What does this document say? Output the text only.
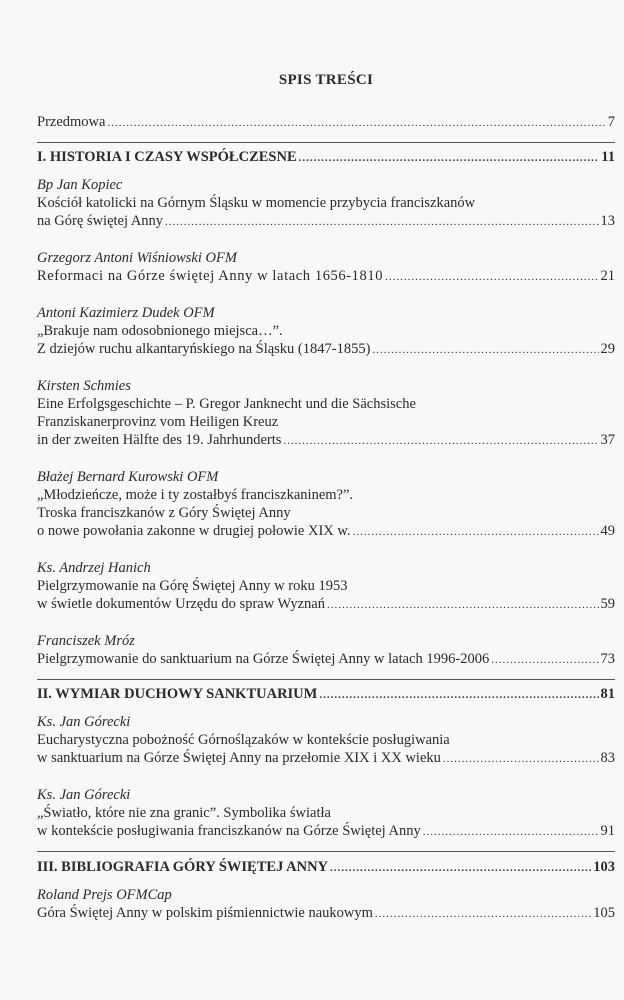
SPIS TREŚCI
Przedmowa .....	7
I. HISTORIA I CZASY WSPÓŁCZESNE .....	11
Bp Jan Kopiec
Kościół katolicki na Górnym Śląsku w momencie przybycia franciszkanów
na Górę świętej Anny .....	13
Grzegorz Antoni Wiśniowski OFM
Reformaci na Górze świętej Anny w latach 1656-1810 .....	21
Antoni Kazimierz Dudek OFM
„Brakuje nam odosobnionego miejsca…”.
Z dziejów ruchu alkantaryńskiego na Śląsku (1847-1855) .....	29
Kirsten Schmies
Eine Erfolgsgeschichte – P. Gregor Janknecht und die Sächsische
Franziskanerprovinz vom Heiligen Kreuz
in der zweiten Hälfte des 19. Jahrhunderts .....	37
Błażej Bernard Kurowski OFM
„Młodzieńcze, może i ty zostałbyś franciszkaninem?”.
Troska franciszkanów z Góry Świętej Anny
o nowe powołania zakonne w drugiej połowie XIX w. .....	49
Ks. Andrzej Hanich
Pielgrzymowanie na Górę Świętej Anny w roku 1953
w świetle dokumentów Urzędu do spraw Wyznań .....	59
Franciszek Mróz
Pielgrzymowanie do sanktuarium na Górze Świętej Anny w latach 1996-2006 .....	73
II. WYMIAR DUCHOWY SANKTUARIUM .....	81
Ks. Jan Górecki
Eucharystyczna pobożność Górnoślązaków w kontekście posługiwania
w sanktuarium na Górze Świętej Anny na przełomie XIX i XX wieku .....	83
Ks. Jan Górecki
„Światło, które nie zna granic”. Symbolika światła
w kontekście posługiwania franciszkanów na Górze Świętej Anny .....	91
III. BIBLIOGRAFIA GÓRY ŚWIĘTEJ ANNY .....	103
Roland Prejs OFMCap
Góra Świętej Anny w polskim piśmiennictwie naukowym .....	105
